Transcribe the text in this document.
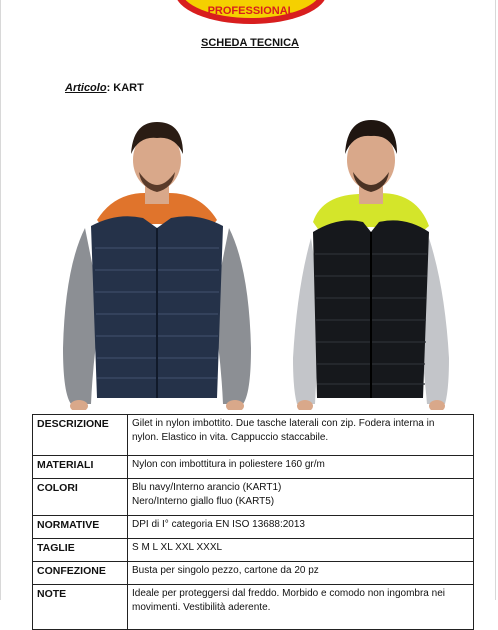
PROFESSIONAL
SCHEDA TECNICA
Articolo: KART
DESCRIZIONE	Gilet in nylon imbottito. Due tasche laterali con zip. Fodera interna in
nylon. Elastico in vita. Cappuccio staccabile.

MATERIALI	Nylon con imbottitura in poliestere 160 gr/m

COLORI	Blu navy/Interno arancio (KART1)
Nero/Interno giallo fluo (KART5)

NORMATIVE	DPI di I° categoria EN ISO 13688:2013

TAGLIE	S M L XL XXL XXXL

CONFEZIONE	Busta per singolo pezzo, cartone da 20 pz

NOTE	Ideale per proteggersi dal freddo. Morbido e comodo non ingombra nei
movimenti. Vestibilità aderente.
